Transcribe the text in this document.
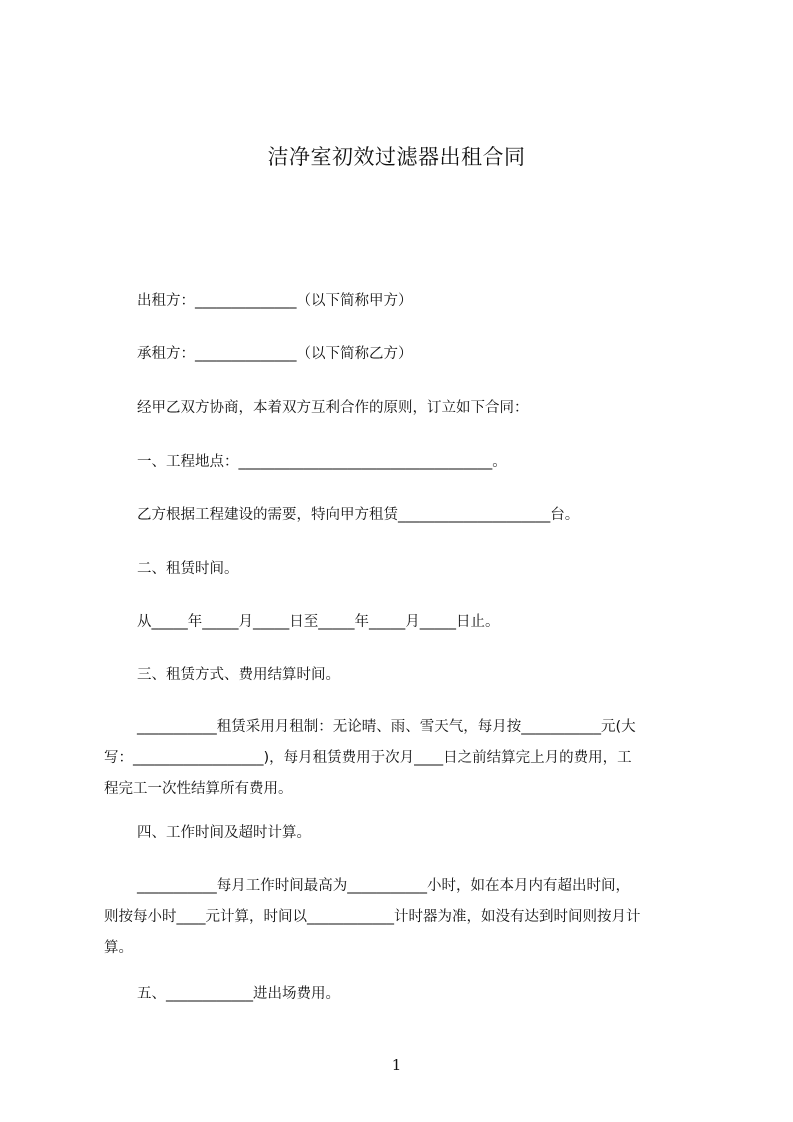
洁净室初效过滤器出租合同
出租方：______________（以下简称甲方）
承租方：______________（以下简称乙方）
经甲乙双方协商，本着双方互利合作的原则，订立如下合同：
一、工程地点：___________________________________。
乙方根据工程建设的需要，特向甲方租赁_____________________台。
二、租赁时间。
从_____年_____月_____日至_____年_____月_____日止。
三、租赁方式、费用结算时间。
___________租赁采用月租制：无论晴、雨、雪天气，每月按___________元(大
写：__________________)，每月租赁费用于次月____日之前结算完上月的费用，工
程完工一次性结算所有费用。
四、工作时间及超时计算。
___________每月工作时间最高为___________小时，如在本月内有超出时间，
则按每小时____元计算，时间以____________计时器为准，如没有达到时间则按月计
算。
五、____________进出场费用。
1
